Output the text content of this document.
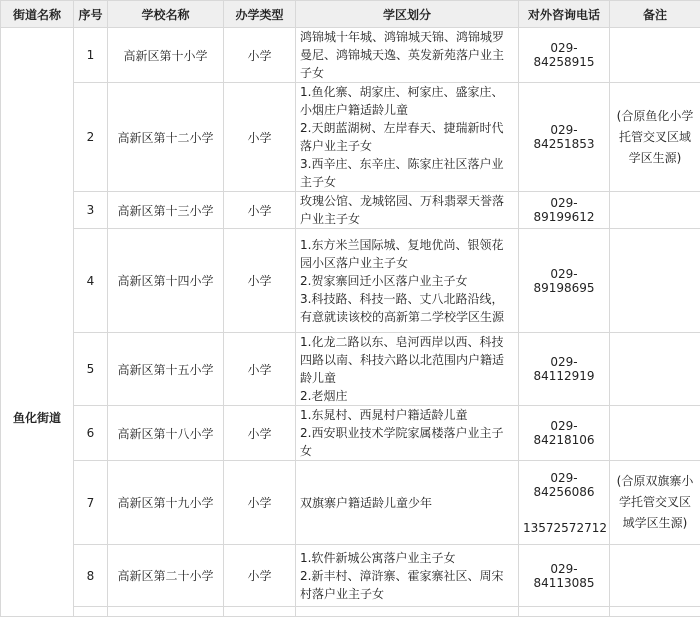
街道名称	序号	学校名称	办学类型	学区划分	对外咨询电话	备注
鱼化街道	1	高新区第十小学	小学	鸿锦城十年城、鸿锦城天锦、鸿锦城罗曼尼、鸿锦城天逸、英发新苑落户业主子女	029-84258915	

	2	高新区第十二小学	小学	1.鱼化寨、胡家庄、柯家庄、盛家庄、小烟庄户籍适龄儿童
2.天朗蓝湖树、左岸春天、捷瑞新时代落户业主子女
3.西辛庄、东辛庄、陈家庄社区落户业主子女	029-84251853	(合原鱼化小学托管交叉区域学区生源)
	3	高新区第十三小学	小学	玫瑰公馆、龙城铭园、万科翡翠天誉落户业主子女	029-89199612	

	4	高新区第十四小学	小学	1.东方米兰国际城、复地优尚、银领花园小区落户业主子女
2.贺家寨回迁小区落户业主子女
3.科技路、科技一路、丈八北路沿线，有意就读该校的高新第二学校学区生源	029-89198695	

	5	高新区第十五小学	小学	1.化龙二路以东、皂河西岸以西、科技四路以南、科技六路以北范围内户籍适龄儿童
2.老烟庄	029-84112919	

	6	高新区第十八小学	小学	1.东晁村、西晁村户籍适龄儿童
2.西安职业技术学院家属楼落户业主子女	029-84218106	

	7	高新区第十九小学	小学	双旗寨户籍适龄儿童少年	029-84256086
13572572712	(合原双旗寨小学托管交叉区域学区生源)
	8	高新区第二十小学	小学	1.软件新城公寓落户业主子女
2.新丰村、漳浒寨、霍家寨社区、周宋村落户业主子女	029-84113085	
